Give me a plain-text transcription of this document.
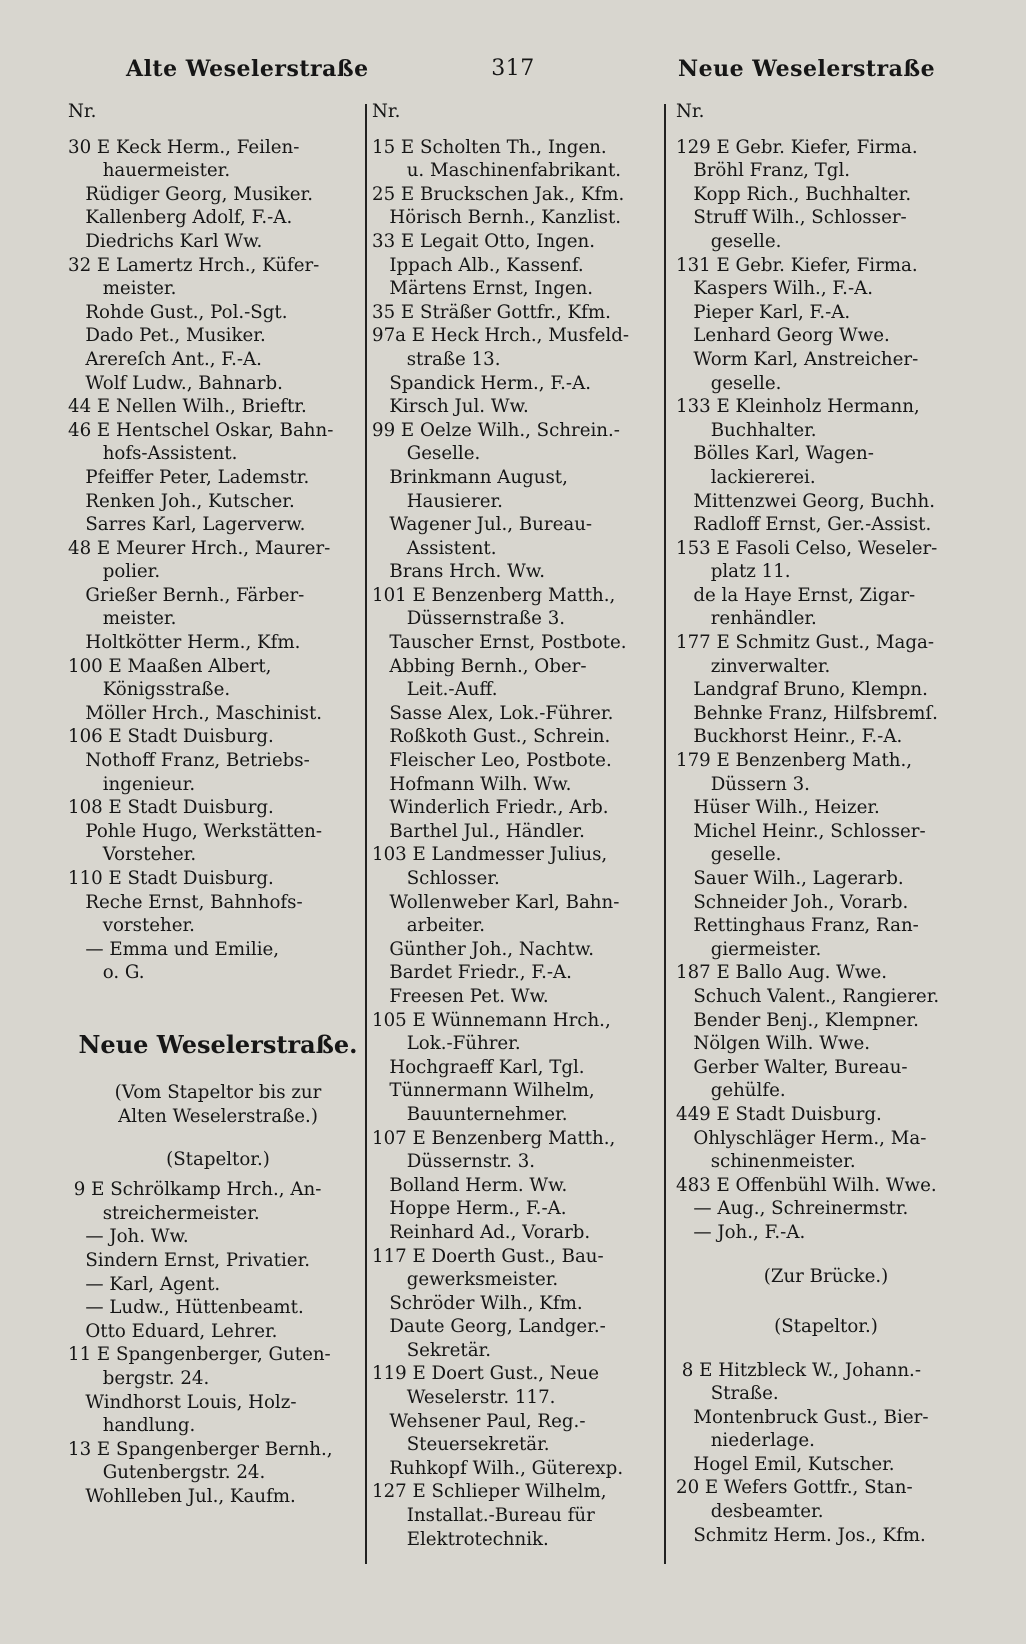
Alte Weselerstraße	317	Neue Weselerstraße
Nr.
30 E Keck Herm., Feilen-
hauermeister.
Rüdiger Georg, Musiker.
Kallenberg Adolf, F.-A.
Diedrichs Karl Ww.
32 E Lamertz Hrch., Küfer-
meister.
Rohde Gust., Pol.-Sgt.
Dado Pet., Musiker.
Arereſch Ant., F.-A.
Wolf Ludw., Bahnarb.
44 E Nellen Wilh., Brieftr.
46 E Hentschel Oskar, Bahn-
hofs-Assistent.
Pfeiffer Peter, Lademstr.
Renken Joh., Kutscher.
Sarres Karl, Lagerverw.
48 E Meurer Hrch., Maurer-
polier.
Grießer Bernh., Färber-
meister.
Holtkötter Herm., Kfm.
100 E Maaßen Albert,
Königsstraße.
Möller Hrch., Maschinist.
106 E Stadt Duisburg.
Nothoff Franz, Betriebs-
ingenieur.
108 E Stadt Duisburg.
Pohle Hugo, Werkstätten-
Vorsteher.
110 E Stadt Duisburg.
Reche Ernst, Bahnhofs-
vorsteher.
— Emma und Emilie,
o. G.
Neue Weselerstraße.
(Vom Stapeltor bis zur
Alten Weselerstraße.)
(Stapeltor.)
9 E Schrölkamp Hrch., An-
streichermeister.
— Joh. Ww.
Sindern Ernst, Privatier.
— Karl, Agent.
— Ludw., Hüttenbeamt.
Otto Eduard, Lehrer.
11 E Spangenberger, Guten-
bergstr. 24.
Windhorst Louis, Holz-
handlung.
13 E Spangenberger Bernh.,
Gutenbergstr. 24.
Wohlleben Jul., Kaufm.
Nr.
15 E Scholten Th., Ingen.
u. Maschinenfabrikant.
25 E Bruckschen Jak., Kfm.
Hörisch Bernh., Kanzlist.
33 E Legait Otto, Ingen.
Ippach Alb., Kassenf.
Märtens Ernst, Ingen.
35 E Sträßer Gottfr., Kfm.
97a E Heck Hrch., Musfeld-
straße 13.
Spandick Herm., F.-A.
Kirsch Jul. Ww.
99 E Oelze Wilh., Schrein.-
Geselle.
Brinkmann August,
Hausierer.
Wagener Jul., Bureau-
Assistent.
Brans Hrch. Ww.
101 E Benzenberg Matth.,
Düssernstraße 3.
Tauscher Ernst, Postbote.
Abbing Bernh., Ober-
Leit.-Auff.
Sasse Alex, Lok.-Führer.
Roßkoth Gust., Schrein.
Fleischer Leo, Postbote.
Hofmann Wilh. Ww.
Winderlich Friedr., Arb.
Barthel Jul., Händler.
103 E Landmesser Julius,
Schlosser.
Wollenweber Karl, Bahn-
arbeiter.
Günther Joh., Nachtw.
Bardet Friedr., F.-A.
Freesen Pet. Ww.
105 E Wünnemann Hrch.,
Lok.-Führer.
Hochgraeff Karl, Tgl.
Tünnermann Wilhelm,
Bauunternehmer.
107 E Benzenberg Matth.,
Düssernstr. 3.
Bolland Herm. Ww.
Hoppe Herm., F.-A.
Reinhard Ad., Vorarb.
117 E Doerth Gust., Bau-
gewerksmeister.
Schröder Wilh., Kfm.
Daute Georg, Landger.-
Sekretär.
119 E Doert Gust., Neue
Weselerstr. 117.
Wehsener Paul, Reg.-
Steuersekretär.
Ruhkopf Wilh., Güterexp.
127 E Schlieper Wilhelm,
Installat.-Bureau für
Elektrotechnik.
Nr.
129 E Gebr. Kiefer, Firma.
Bröhl Franz, Tgl.
Kopp Rich., Buchhalter.
Struff Wilh., Schlosser-
geselle.
131 E Gebr. Kiefer, Firma.
Kaspers Wilh., F.-A.
Pieper Karl, F.-A.
Lenhard Georg Wwe.
Worm Karl, Anstreicher-
geselle.
133 E Kleinholz Hermann,
Buchhalter.
Bölles Karl, Wagen-
lackiererei.
Mittenzwei Georg, Buchh.
Radloff Ernst, Ger.-Assist.
153 E Fasoli Celso, Weseler-
platz 11.
de la Haye Ernst, Zigar-
renhändler.
177 E Schmitz Gust., Maga-
zinverwalter.
Landgraf Bruno, Klempn.
Behnke Franz, Hilfsbremſ.
Buckhorst Heinr., F.-A.
179 E Benzenberg Math.,
Düssern 3.
Hüser Wilh., Heizer.
Michel Heinr., Schlosser-
geselle.
Sauer Wilh., Lagerarb.
Schneider Joh., Vorarb.
Rettinghaus Franz, Ran-
giermeister.
187 E Ballo Aug. Wwe.
Schuch Valent., Rangierer.
Bender Benj., Klempner.
Nölgen Wilh. Wwe.
Gerber Walter, Bureau-
gehülfe.
449 E Stadt Duisburg.
Ohlyschläger Herm., Ma-
schinenmeister.
483 E Offenbühl Wilh. Wwe.
— Aug., Schreinermstr.
— Joh., F.-A.
(Zur Brücke.)
(Stapeltor.)
8 E Hitzbleck W., Johann.-
Straße.
Montenbruck Gust., Bier-
niederlage.
Hogel Emil, Kutscher.
20 E Wefers Gottfr., Stan-
desbeamter.
Schmitz Herm. Jos., Kfm.
